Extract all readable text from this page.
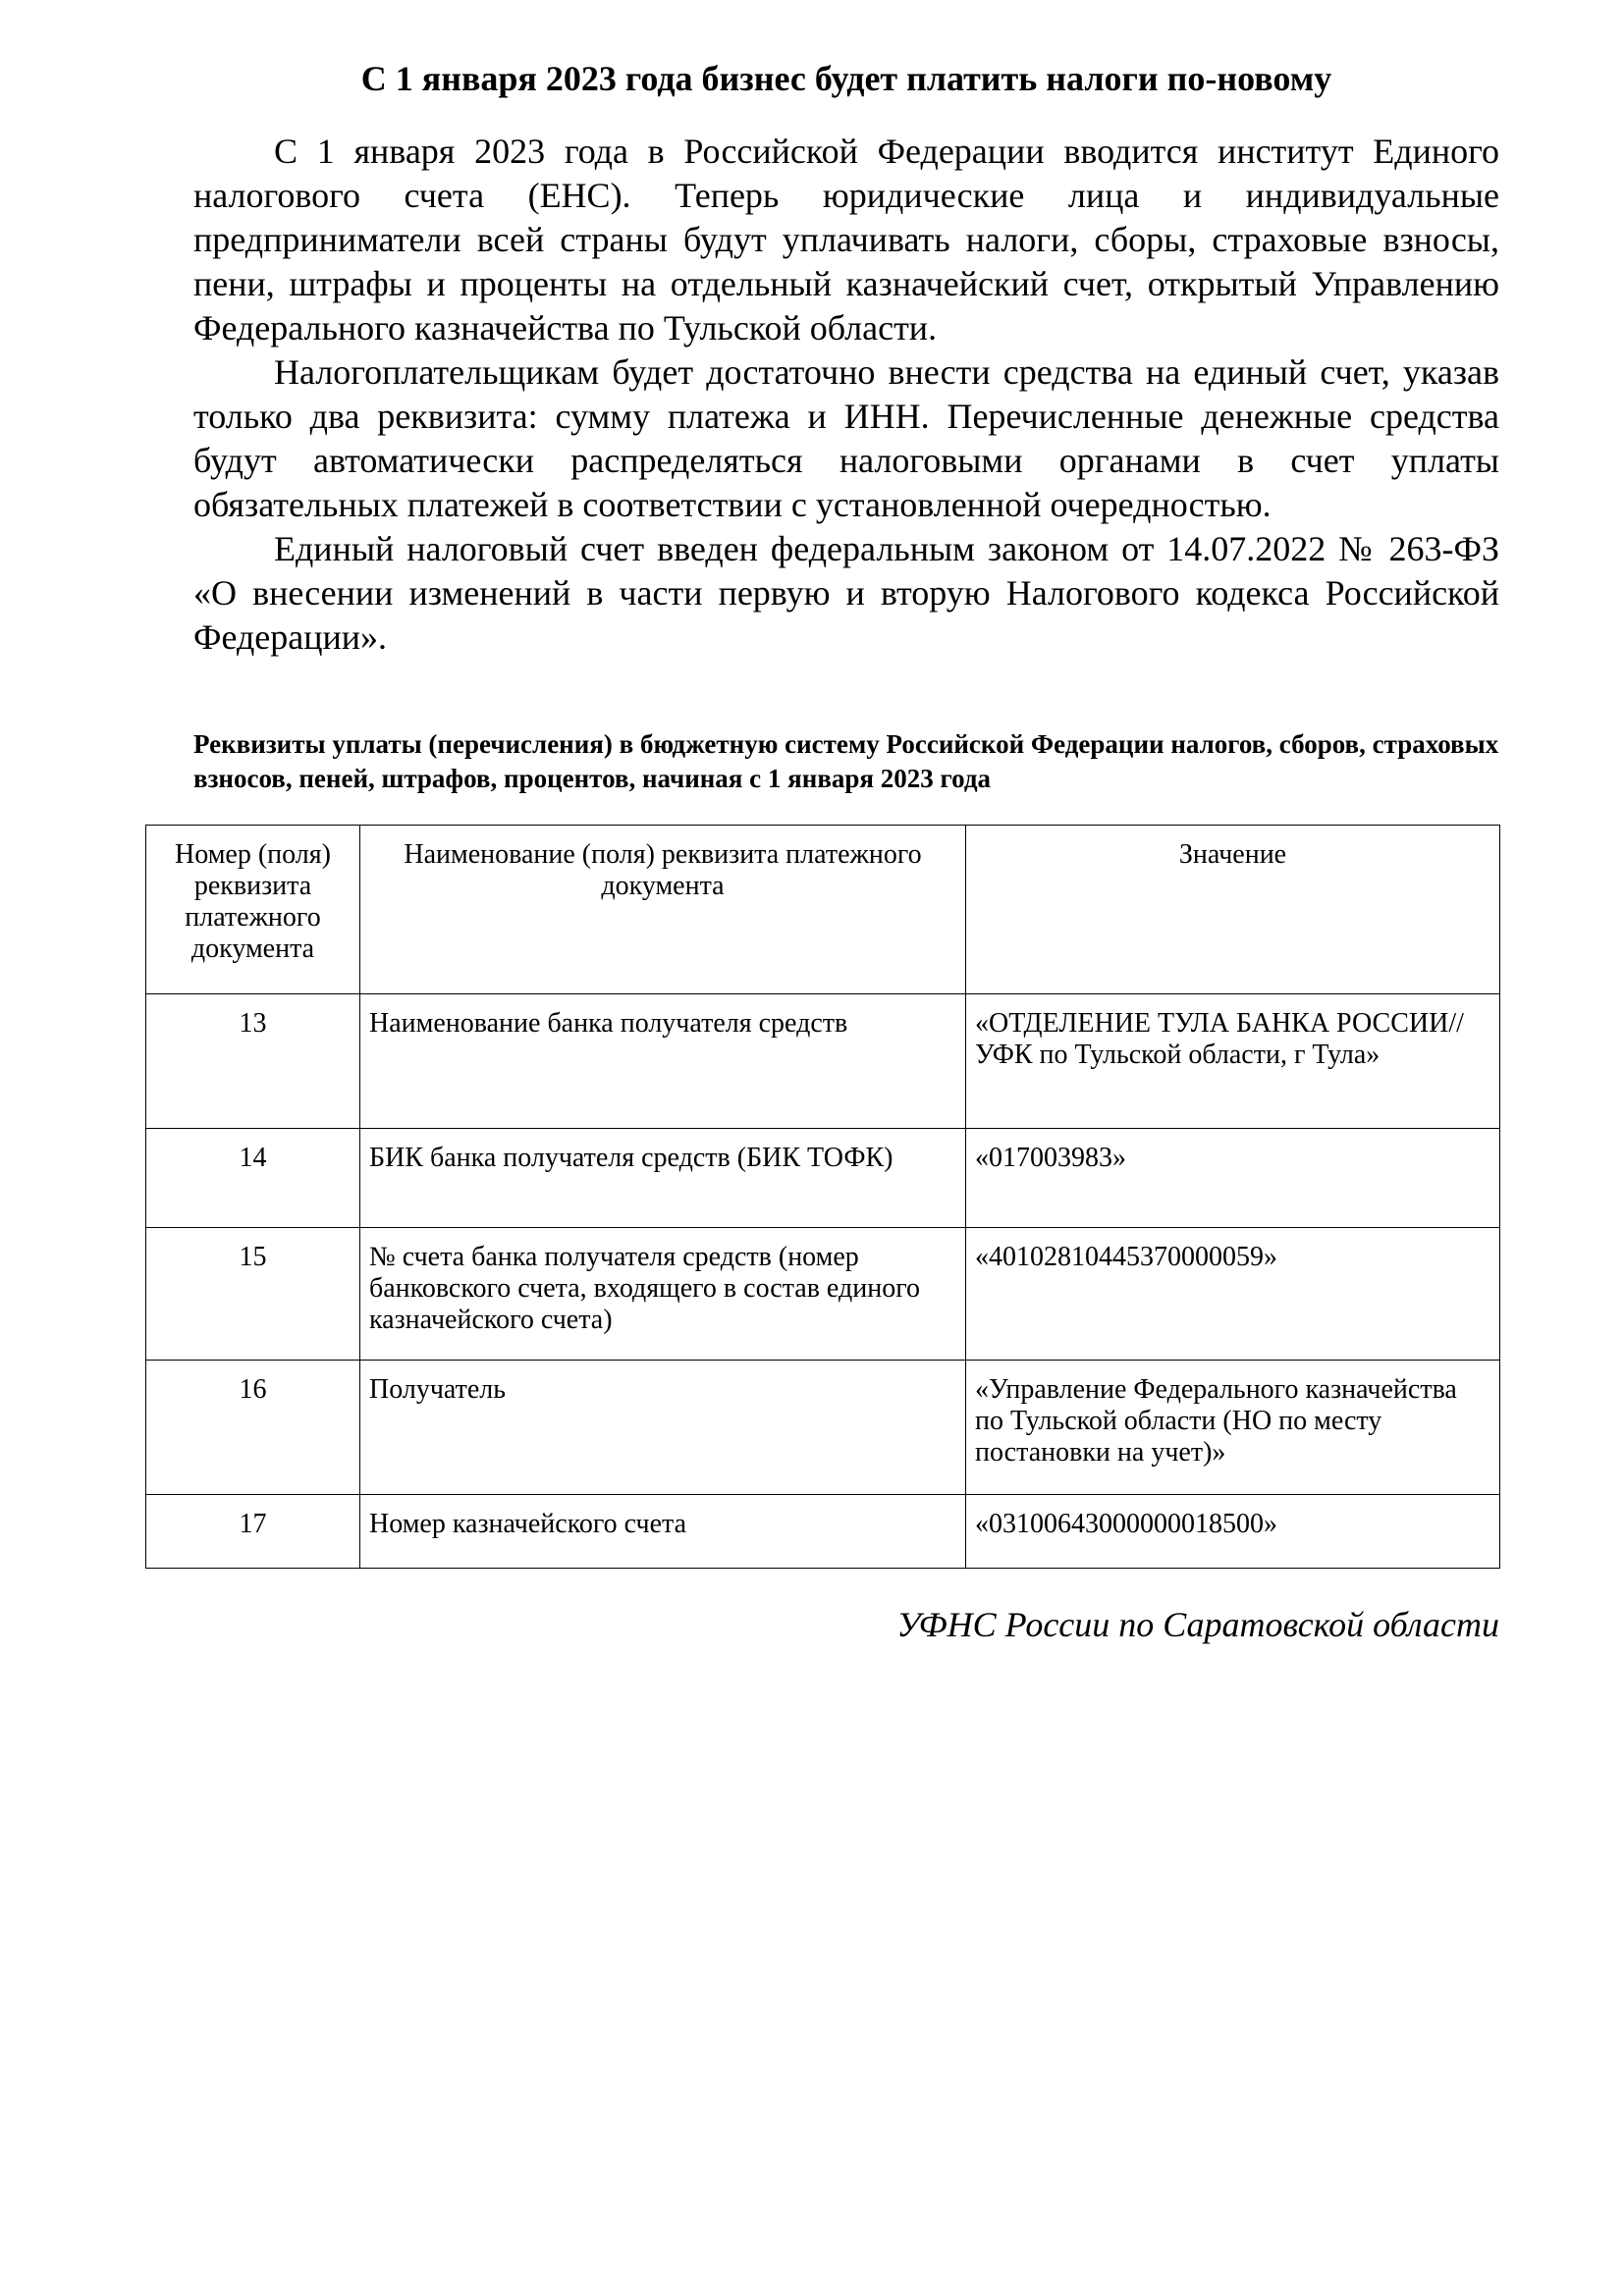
С 1 января 2023 года бизнес будет платить налоги по-новому

С 1 января 2023 года в Российской Федерации вводится институт Единого налогового счета (ЕНС). Теперь юридические лица и индивидуальные предприниматели всей страны будут уплачивать налоги, сборы, страховые взносы, пени, штрафы и проценты на отдельный казначейский счет, открытый Управлению Федерального казначейства по Тульской области.

Налогоплательщикам будет достаточно внести средства на единый счет, указав только два реквизита: сумму платежа и ИНН. Перечисленные денежные средства будут автоматически распределяться налоговыми органами в счет уплаты обязательных платежей в соответствии с установленной очередностью.

Единый налоговый счет введен федеральным законом от 14.07.2022 № 263-ФЗ «О внесении изменений в части первую и вторую Налогового кодекса Российской Федерации».

Реквизиты уплаты (перечисления) в бюджетную систему Российской Федерации налогов, сборов, страховых взносов, пеней, штрафов, процентов, начиная с 1 января 2023 года

Номер (поля) реквизита платежного документа	Наименование (поля) реквизита платежного документа	Значение
13	Наименование банка получателя средств	«ОТДЕЛЕНИЕ ТУЛА БАНКА РОССИИ//УФК по Тульской области, г Тула»
14	БИК банка получателя средств (БИК ТОФК)	«017003983»
15	№ счета банка получателя средств (номер банковского счета, входящего в состав единого казначейского счета)	«40102810445370000059»
16	Получатель	«Управление Федерального казначейства по Тульской области (НО по месту постановки на учет)»
17	Номер казначейского счета	«03100643000000018500»

УФНС России по Саратовской области
